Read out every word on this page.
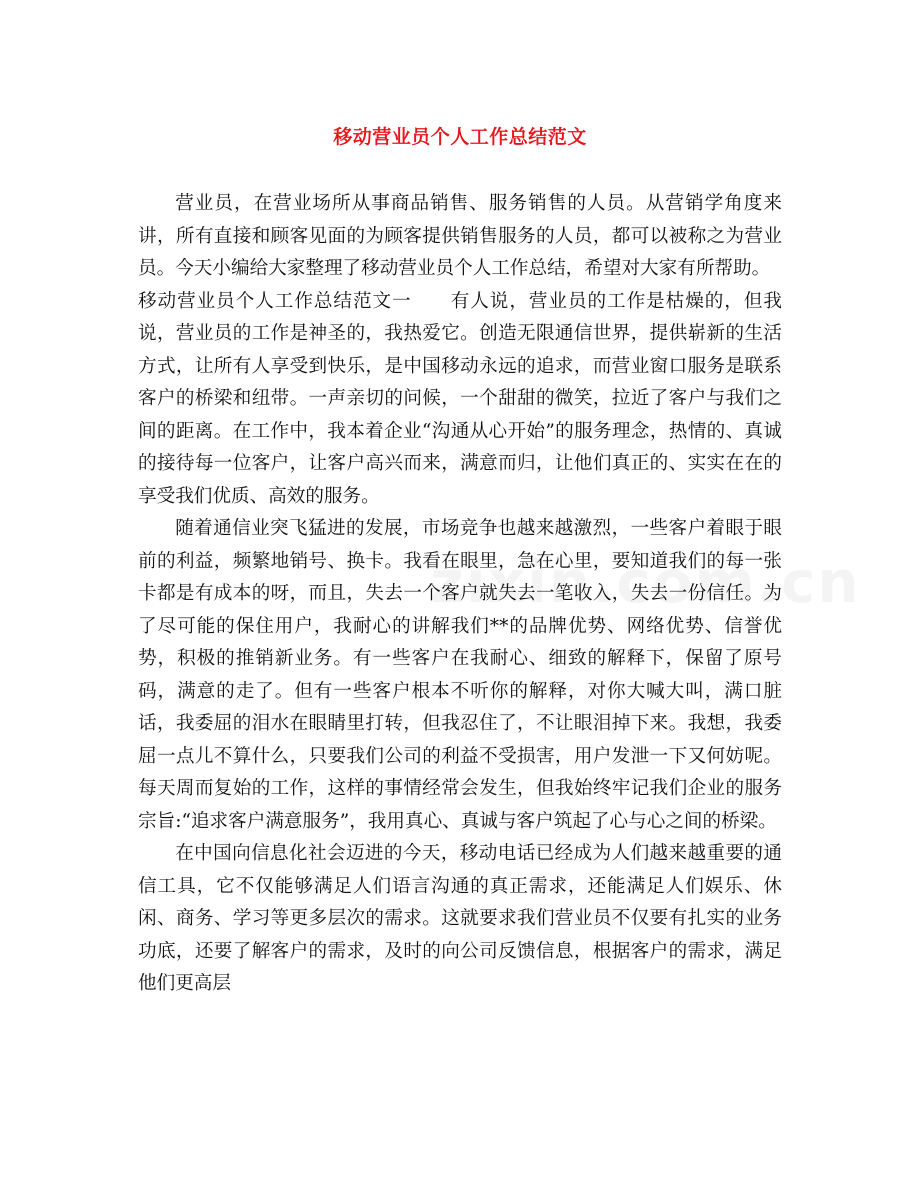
移动营业员个人工作总结范文

营业员，在营业场所从事商品销售、服务销售的人员。从营销学角度来讲，所有直接和顾客见面的为顾客提供销售服务的人员，都可以被称之为营业员。今天小编给大家整理了移动营业员个人工作总结，希望对大家有所帮助。

移动营业员个人工作总结范文一　　有人说，营业员的工作是枯燥的，但我说，营业员的工作是神圣的，我热爱它。创造无限通信世界，提供崭新的生活方式，让所有人享受到快乐，是中国移动永远的追求，而营业窗口服务是联系客户的桥梁和纽带。一声亲切的问候，一个甜甜的微笑，拉近了客户与我们之间的距离。在工作中，我本着企业“沟通从心开始”的服务理念，热情的、真诚的接待每一位客户，让客户高兴而来，满意而归，让他们真正的、实实在在的享受我们优质、高效的服务。

随着通信业突飞猛进的发展，市场竞争也越来越激烈，一些客户着眼于眼前的利益，频繁地销号、换卡。我看在眼里，急在心里，要知道我们的每一张卡都是有成本的呀，而且，失去一个客户就失去一笔收入，失去一份信任。为了尽可能的保住用户，我耐心的讲解我们**的品牌优势、网络优势、信誉优势，积极的推销新业务。有一些客户在我耐心、细致的解释下，保留了原号码，满意的走了。但有一些客户根本不听你的解释，对你大喊大叫，满口脏话，我委屈的泪水在眼睛里打转，但我忍住了，不让眼泪掉下来。我想，我委屈一点儿不算什么，只要我们公司的利益不受损害，用户发泄一下又何妨呢。每天周而复始的工作，这样的事情经常会发生，但我始终牢记我们企业的服务宗旨:“追求客户满意服务”，我用真心、真诚与客户筑起了心与心之间的桥梁。

在中国向信息化社会迈进的今天，移动电话已经成为人们越来越重要的通信工具，它不仅能够满足人们语言沟通的真正需求，还能满足人们娱乐、休闲、商务、学习等更多层次的需求。这就要求我们营业员不仅要有扎实的业务功底，还要了解客户的需求，及时的向公司反馈信息，根据客户的需求，满足他们更高层
